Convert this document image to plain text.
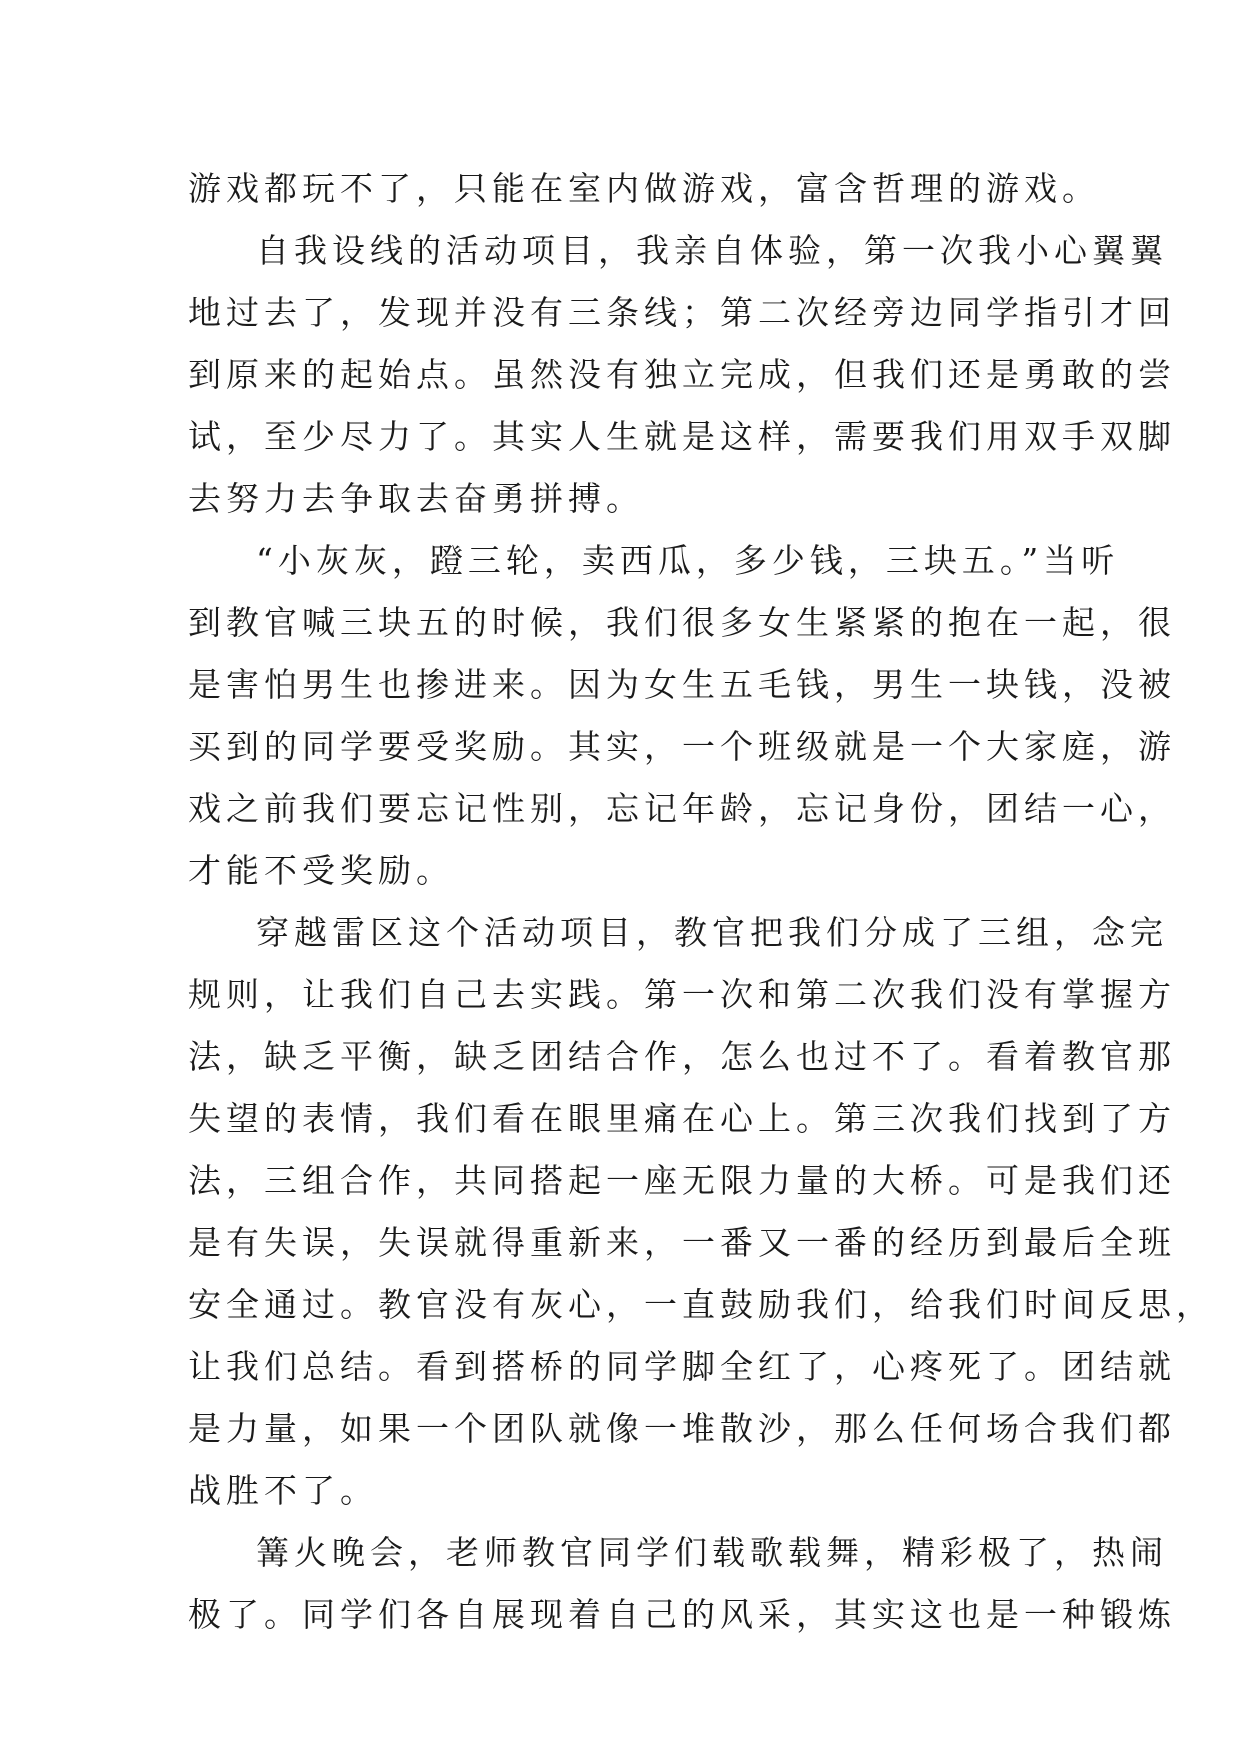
游戏都玩不了，只能在室内做游戏，富含哲理的游戏。

自我设线的活动项目，我亲自体验，第一次我小心翼翼
地过去了，发现并没有三条线；第二次经旁边同学指引才回
到原来的起始点。虽然没有独立完成，但我们还是勇敢的尝
试，至少尽力了。其实人生就是这样，需要我们用双手双脚
去努力去争取去奋勇拼搏。

“小灰灰，蹬三轮，卖西瓜，多少钱，三块五。”当听
到教官喊三块五的时候，我们很多女生紧紧的抱在一起，很
是害怕男生也掺进来。因为女生五毛钱，男生一块钱，没被
买到的同学要受奖励。其实，一个班级就是一个大家庭，游
戏之前我们要忘记性别，忘记年龄，忘记身份，团结一心，
才能不受奖励。

穿越雷区这个活动项目，教官把我们分成了三组，念完
规则，让我们自己去实践。第一次和第二次我们没有掌握方
法，缺乏平衡，缺乏团结合作，怎么也过不了。看着教官那
失望的表情，我们看在眼里痛在心上。第三次我们找到了方
法，三组合作，共同搭起一座无限力量的大桥。可是我们还
是有失误，失误就得重新来，一番又一番的经历到最后全班
安全通过。教官没有灰心，一直鼓励我们，给我们时间反思，
让我们总结。看到搭桥的同学脚全红了，心疼死了。团结就
是力量，如果一个团队就像一堆散沙，那么任何场合我们都
战胜不了。

篝火晚会，老师教官同学们载歌载舞，精彩极了，热闹
极了。同学们各自展现着自己的风采，其实这也是一种锻炼
